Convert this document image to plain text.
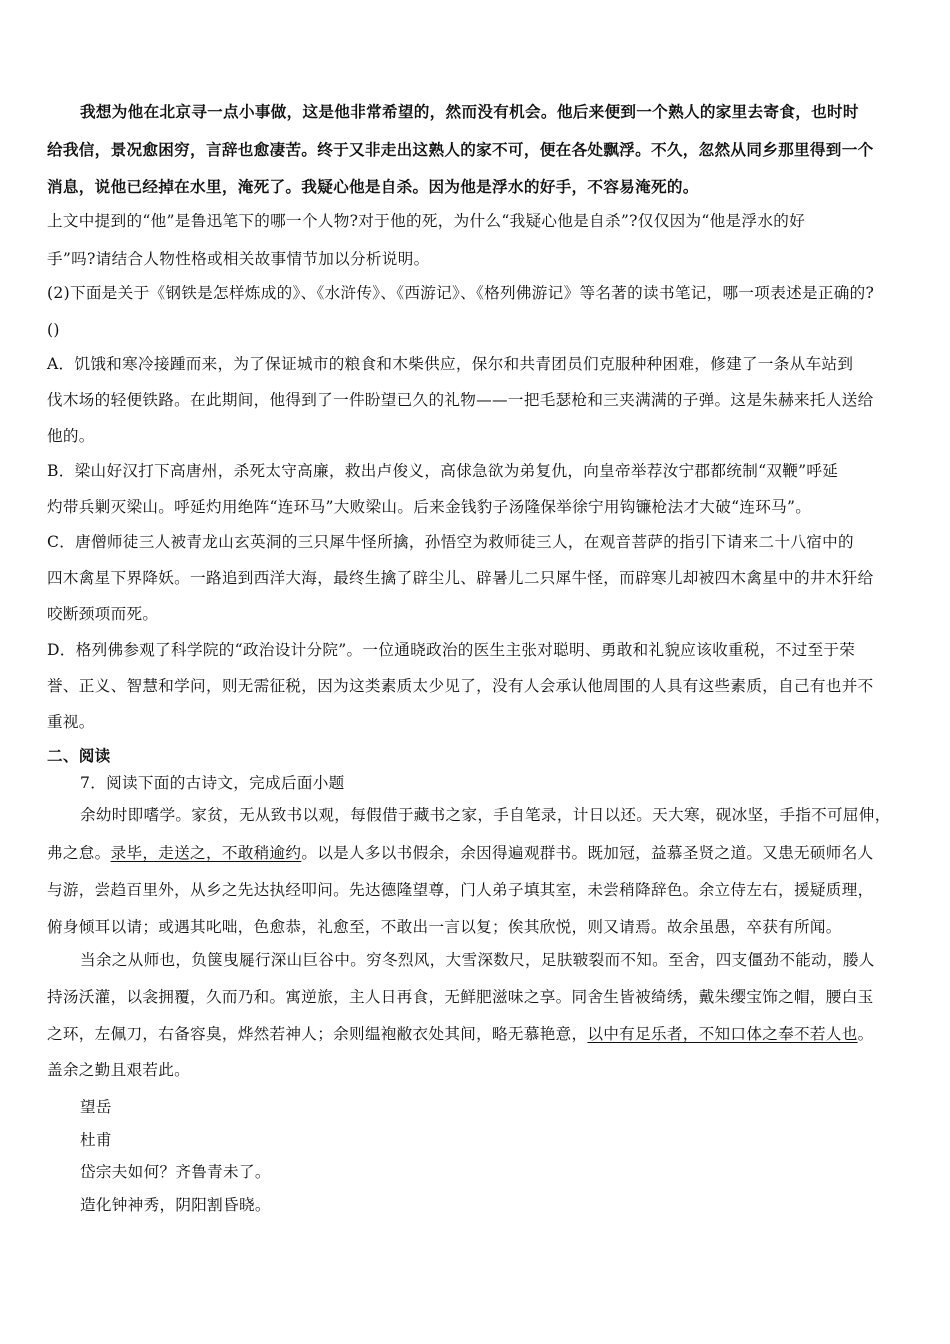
我想为他在北京寻一点小事做，这是他非常希望的，然而没有机会。他后来便到一个熟人的家里去寄食，也时时
给我信，景况愈困穷，言辞也愈凄苦。终于又非走出这熟人的家不可，便在各处飘浮。不久，忽然从同乡那里得到一个
消息，说他已经掉在水里，淹死了。我疑心他是自杀。因为他是浮水的好手，不容易淹死的。
上文中提到的“他”是鲁迅笔下的哪一个人物?对于他的死，为什么“我疑心他是自杀”?仅仅因为“他是浮水的好
手”吗?请结合人物性格或相关故事情节加以分析说明。
(2)下面是关于《钢铁是怎样炼成的》、《水浒传》、《西游记》、《格列佛游记》等名著的读书笔记，哪一项表述是正确的?
()
A．饥饿和寒冷接踵而来，为了保证城市的粮食和木柴供应，保尔和共青团员们克服种种困难，修建了一条从车站到
伐木场的轻便铁路。在此期间，他得到了一件盼望已久的礼物——一把毛瑟枪和三夹满满的子弹。这是朱赫来托人送给
他的。
B．梁山好汉打下高唐州，杀死太守高廉，救出卢俊义，高俅急欲为弟复仇，向皇帝举荐汝宁郡都统制“双鞭”呼延
灼带兵剿灭梁山。呼延灼用绝阵“连环马”大败梁山。后来金钱豹子汤隆保举徐宁用钩镰枪法才大破“连环马”。
C．唐僧师徒三人被青龙山玄英洞的三只犀牛怪所擒，孙悟空为救师徒三人，在观音菩萨的指引下请来二十八宿中的
四木禽星下界降妖。一路追到西洋大海，最终生擒了辟尘儿、辟暑儿二只犀牛怪，而辟寒儿却被四木禽星中的井木犴给
咬断颈项而死。
D．格列佛参观了科学院的“政治设计分院”。一位通晓政治的医生主张对聪明、勇敢和礼貌应该收重税，不过至于荣
誉、正义、智慧和学问，则无需征税，因为这类素质太少见了，没有人会承认他周围的人具有这些素质，自己有也并不
重视。
二、阅读
7．阅读下面的古诗文，完成后面小题
余幼时即嗜学。家贫，无从致书以观，每假借于藏书之家，手自笔录，计日以还。天大寒，砚冰坚，手指不可屈伸，
弗之怠。录毕，走送之，不敢稍逾约。以是人多以书假余，余因得遍观群书。既加冠，益慕圣贤之道。又患无硕师名人
与游，尝趋百里外，从乡之先达执经叩问。先达德隆望尊，门人弟子填其室，未尝稍降辞色。余立侍左右，援疑质理，
俯身倾耳以请；或遇其叱咄，色愈恭，礼愈至，不敢出一言以复；俟其欣悦，则又请焉。故余虽愚，卒获有所闻。
当余之从师也，负箧曳屣行深山巨谷中。穷冬烈风，大雪深数尺，足肤皲裂而不知。至舍，四支僵劲不能动，媵人
持汤沃灌，以衾拥覆，久而乃和。寓逆旅，主人日再食，无鲜肥滋味之享。同舍生皆被绮绣，戴朱缨宝饰之帽，腰白玉
之环，左佩刀，右备容臭，烨然若神人；余则缊袍敝衣处其间，略无慕艳意，以中有足乐者，不知口体之奉不若人也。
盖余之勤且艰若此。
望岳
杜甫
岱宗夫如何？齐鲁青未了。
造化钟神秀，阴阳割昏晓。
